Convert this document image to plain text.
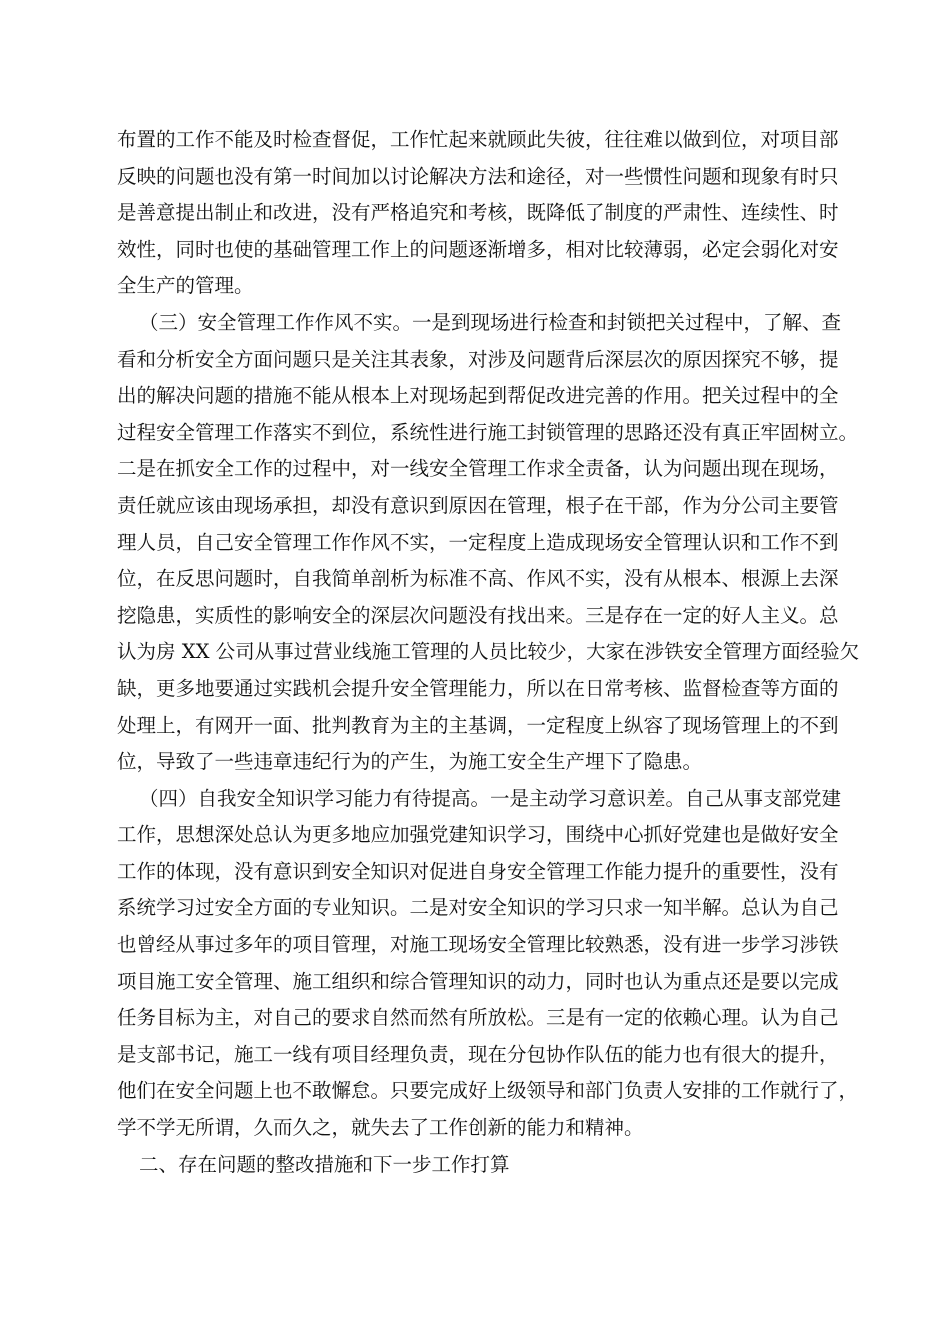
布置的工作不能及时检查督促，工作忙起来就顾此失彼，往往难以做到位，对项目部
反映的问题也没有第一时间加以讨论解决方法和途径，对一些惯性问题和现象有时只
是善意提出制止和改进，没有严格追究和考核，既降低了制度的严肃性、连续性、时
效性，同时也使的基础管理工作上的问题逐渐增多，相对比较薄弱，必定会弱化对安
全生产的管理。
（三）安全管理工作作风不实。一是到现场进行检查和封锁把关过程中，了解、查
看和分析安全方面问题只是关注其表象，对涉及问题背后深层次的原因探究不够，提
出的解决问题的措施不能从根本上对现场起到帮促改进完善的作用。把关过程中的全
过程安全管理工作落实不到位，系统性进行施工封锁管理的思路还没有真正牢固树立。
二是在抓安全工作的过程中，对一线安全管理工作求全责备，认为问题出现在现场，
责任就应该由现场承担，却没有意识到原因在管理，根子在干部，作为分公司主要管
理人员，自己安全管理工作作风不实，一定程度上造成现场安全管理认识和工作不到
位，在反思问题时，自我简单剖析为标准不高、作风不实，没有从根本、根源上去深
挖隐患，实质性的影响安全的深层次问题没有找出来。三是存在一定的好人主义。总
认为房 XX 公司从事过营业线施工管理的人员比较少，大家在涉铁安全管理方面经验欠
缺，更多地要通过实践机会提升安全管理能力，所以在日常考核、监督检查等方面的
处理上，有网开一面、批判教育为主的主基调，一定程度上纵容了现场管理上的不到
位，导致了一些违章违纪行为的产生，为施工安全生产埋下了隐患。
（四）自我安全知识学习能力有待提高。一是主动学习意识差。自己从事支部党建
工作，思想深处总认为更多地应加强党建知识学习，围绕中心抓好党建也是做好安全
工作的体现，没有意识到安全知识对促进自身安全管理工作能力提升的重要性，没有
系统学习过安全方面的专业知识。二是对安全知识的学习只求一知半解。总认为自己
也曾经从事过多年的项目管理，对施工现场安全管理比较熟悉，没有进一步学习涉铁
项目施工安全管理、施工组织和综合管理知识的动力，同时也认为重点还是要以完成
任务目标为主，对自己的要求自然而然有所放松。三是有一定的依赖心理。认为自己
是支部书记，施工一线有项目经理负责，现在分包协作队伍的能力也有很大的提升，
他们在安全问题上也不敢懈怠。只要完成好上级领导和部门负责人安排的工作就行了，
学不学无所谓，久而久之，就失去了工作创新的能力和精神。
二、存在问题的整改措施和下一步工作打算
